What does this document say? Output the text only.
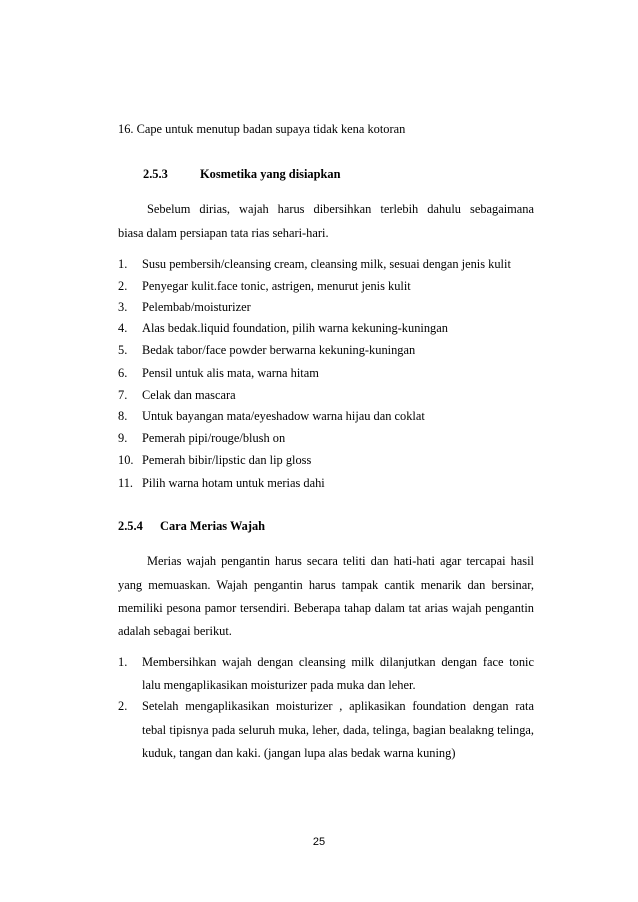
16. Cape untuk menutup badan supaya tidak kena kotoran
2.5.3	Kosmetika yang disiapkan
Sebelum dirias, wajah harus dibersihkan terlebih dahulu sebagaimana
biasa dalam persiapan tata rias sehari-hari.
1.	Susu pembersih/cleansing cream, cleansing milk, sesuai dengan jenis kulit
2.	Penyegar kulit.face tonic, astrigen, menurut jenis kulit
3.	Pelembab/moisturizer
4.	Alas bedak.liquid foundation, pilih warna kekuning-kuningan
5.	Bedak tabor/face powder berwarna kekuning-kuningan
6.	Pensil untuk alis mata, warna hitam
7.	Celak dan mascara
8.	Untuk bayangan mata/eyeshadow warna hijau dan coklat
9.	Pemerah pipi/rouge/blush on
10. Pemerah bibir/lipstic dan lip gloss
11. Pilih warna hotam untuk merias dahi
2.5.4 Cara Merias Wajah
Merias wajah pengantin harus secara teliti dan hati-hati agar tercapai hasil
yang memuaskan. Wajah pengantin harus tampak cantik menarik dan bersinar,
memiliki pesona pamor tersendiri. Beberapa tahap dalam tat arias wajah pengantin
adalah sebagai berikut.
1. Membersihkan wajah dengan cleansing milk dilanjutkan dengan face tonic
lalu mengaplikasikan moisturizer pada muka dan leher.
2. Setelah mengaplikasikan moisturizer , aplikasikan foundation dengan rata
tebal tipisnya pada seluruh muka, leher, dada, telinga, bagian bealakng telinga,
kuduk, tangan dan kaki. (jangan lupa alas bedak warna kuning)
25
